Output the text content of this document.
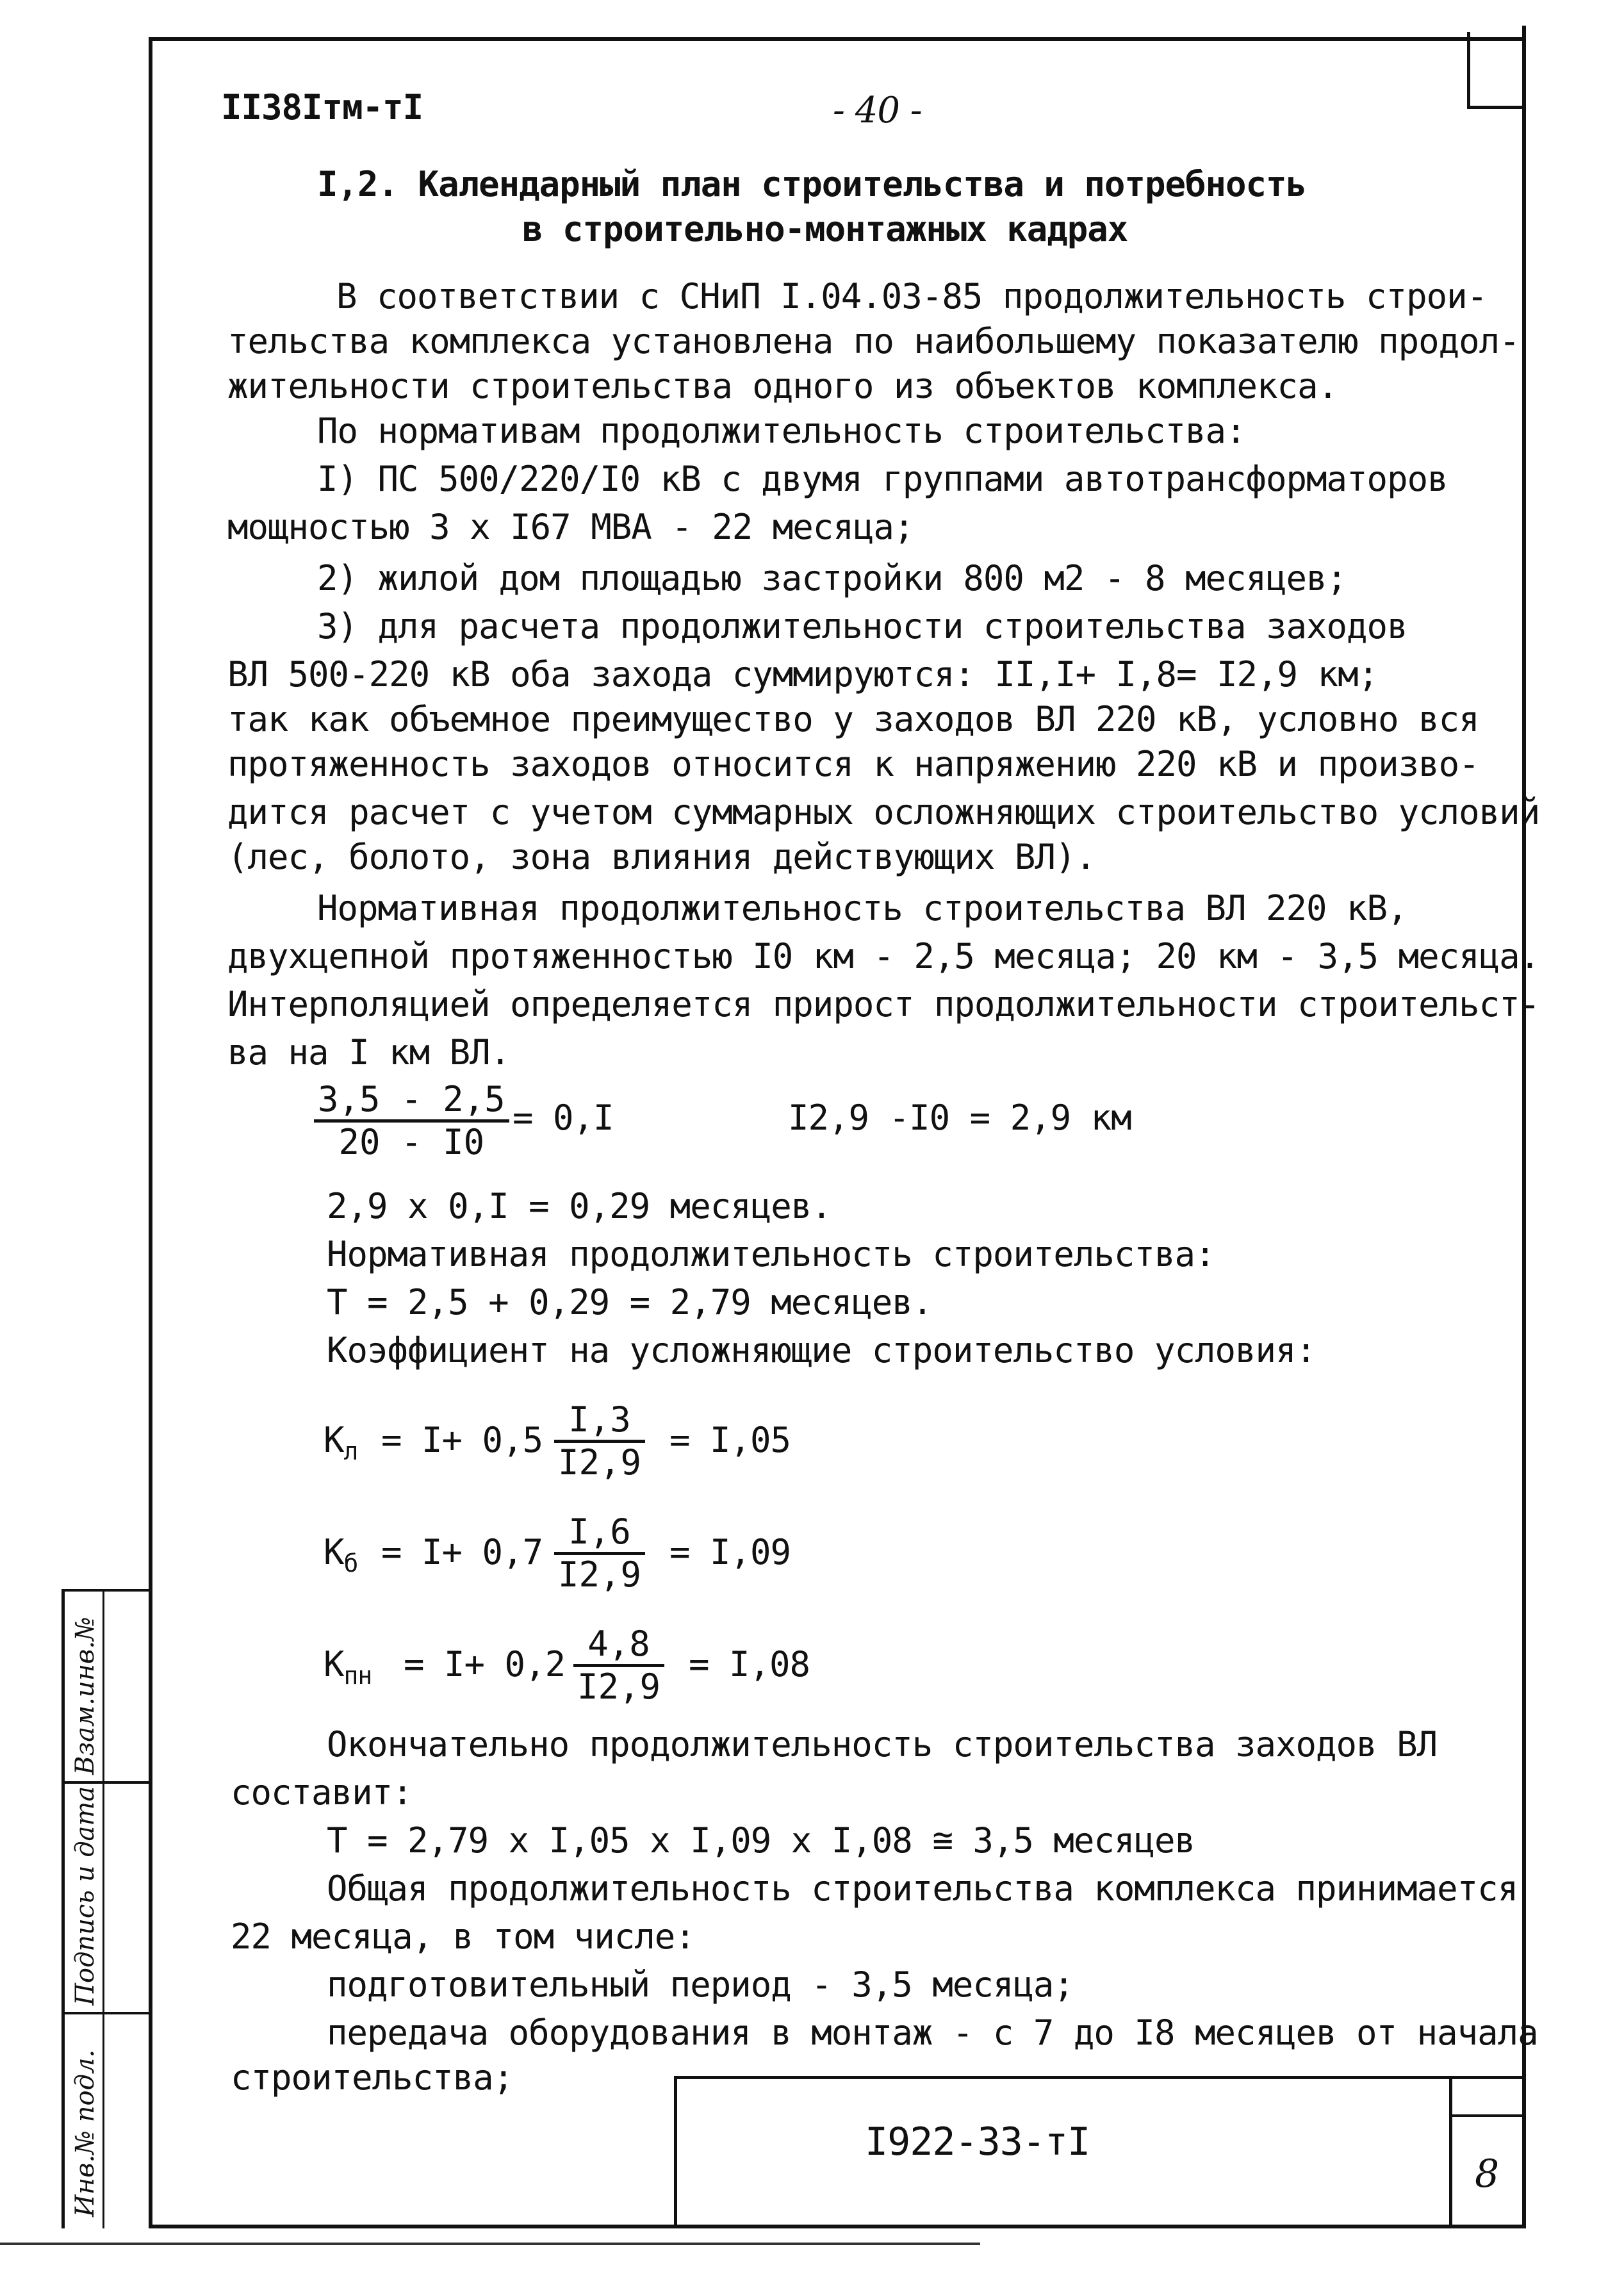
Взам.инв.№
Подпись и дата
Инв.№ подл.	I922-33-тI
8
II38Iтм-тI	- 40 -
I,2. Календарный план строительства и потребность
в строительно-монтажных кадрах
В соответствии с СНиП I.04.03-85 продолжительность строи-
тельства комплекса установлена по наибольшему показателю продол-
жительности строительства одного из объектов комплекса.
По нормативам продолжительность строительства:
I) ПС 500/220/I0 кВ с двумя группами автотрансформаторов
мощностью 3 х I67 МВА - 22 месяца;
2) жилой дом площадью застройки 800 м2 - 8 месяцев;
3) для расчета продолжительности строительства заходов
ВЛ 500-220 кВ оба захода суммируются: II,I+ I,8= I2,9 км;
так как объемное преимущество у заходов ВЛ 220 кВ, условно вся
протяженность заходов относится к напряжению 220 кВ и произво-
дится расчет с учетом суммарных осложняющих строительство условий
(лес, болото, зона влияния действующих ВЛ).
Нормативная продолжительность строительства ВЛ 220 кВ,
двухцепной протяженностью I0 км - 2,5 месяца; 20 км - 3,5 месяца.
Интерполяцией определяется прирост продолжительности строительст-
ва на I км ВЛ.
$\frac{3,5 - 2,5}{20 - I0} = 0,I$	I2,9 -I0 = 2,9 км
2,9 х 0,I = 0,29 месяцев.
Нормативная продолжительность строительства:
Т = 2,5 + 0,29 = 2,79 месяцев.
Коэффициент на усложняющие строительство условия:
$К_л = I+ 0,5 \frac{I,3}{I2,9} = I,05$
$К_б = I+ 0,7 \frac{I,6}{I2,9} = I,09$
$К_{пн} = I+ 0,2 \frac{4,8}{I2,9} = I,08$
Окончательно продолжительность строительства заходов ВЛ
составит:
Т = 2,79 х I,05 х I,09 х I,08 ≅ 3,5 месяцев
Общая продолжительность строительства комплекса принимается
22 месяца, в том числе:
подготовительный период - 3,5 месяца;
передача оборудования в монтаж - с 7 до I8 месяцев от начала
строительства;
